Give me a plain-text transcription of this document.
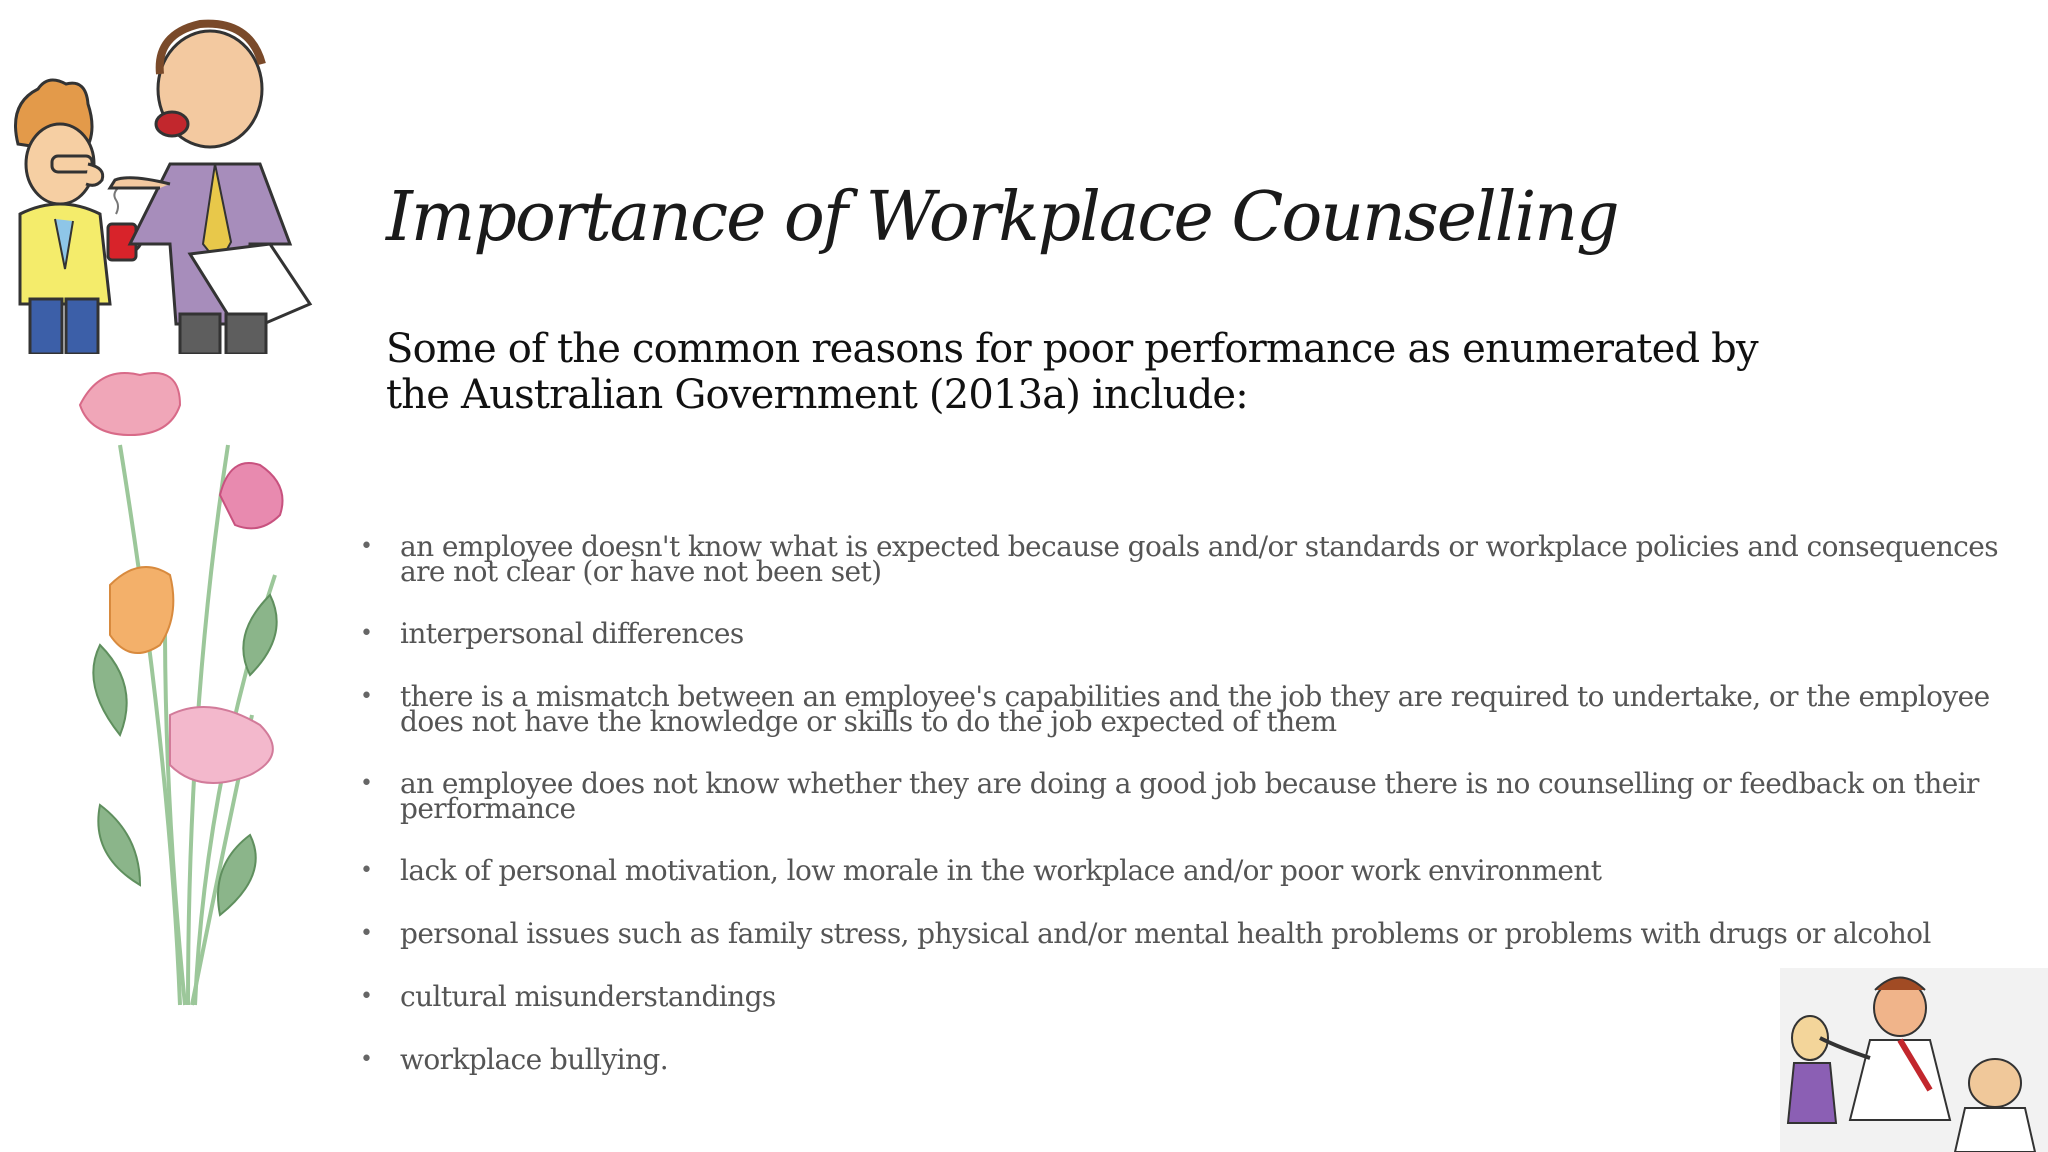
Importance of Workplace Counselling

Some of the common reasons for poor performance as enumerated by the Australian Government (2013a) include:

• an employee doesn't know what is expected because goals and/or standards or workplace policies and consequences are not clear (or have not been set)
• interpersonal differences
• there is a mismatch between an employee's capabilities and the job they are required to undertake, or the employee does not have the knowledge or skills to do the job expected of them
• an employee does not know whether they are doing a good job because there is no counselling or feedback on their performance
• lack of personal motivation, low morale in the workplace and/or poor work environment
• personal issues such as family stress, physical and/or mental health problems or problems with drugs or alcohol
• cultural misunderstandings
• workplace bullying.
